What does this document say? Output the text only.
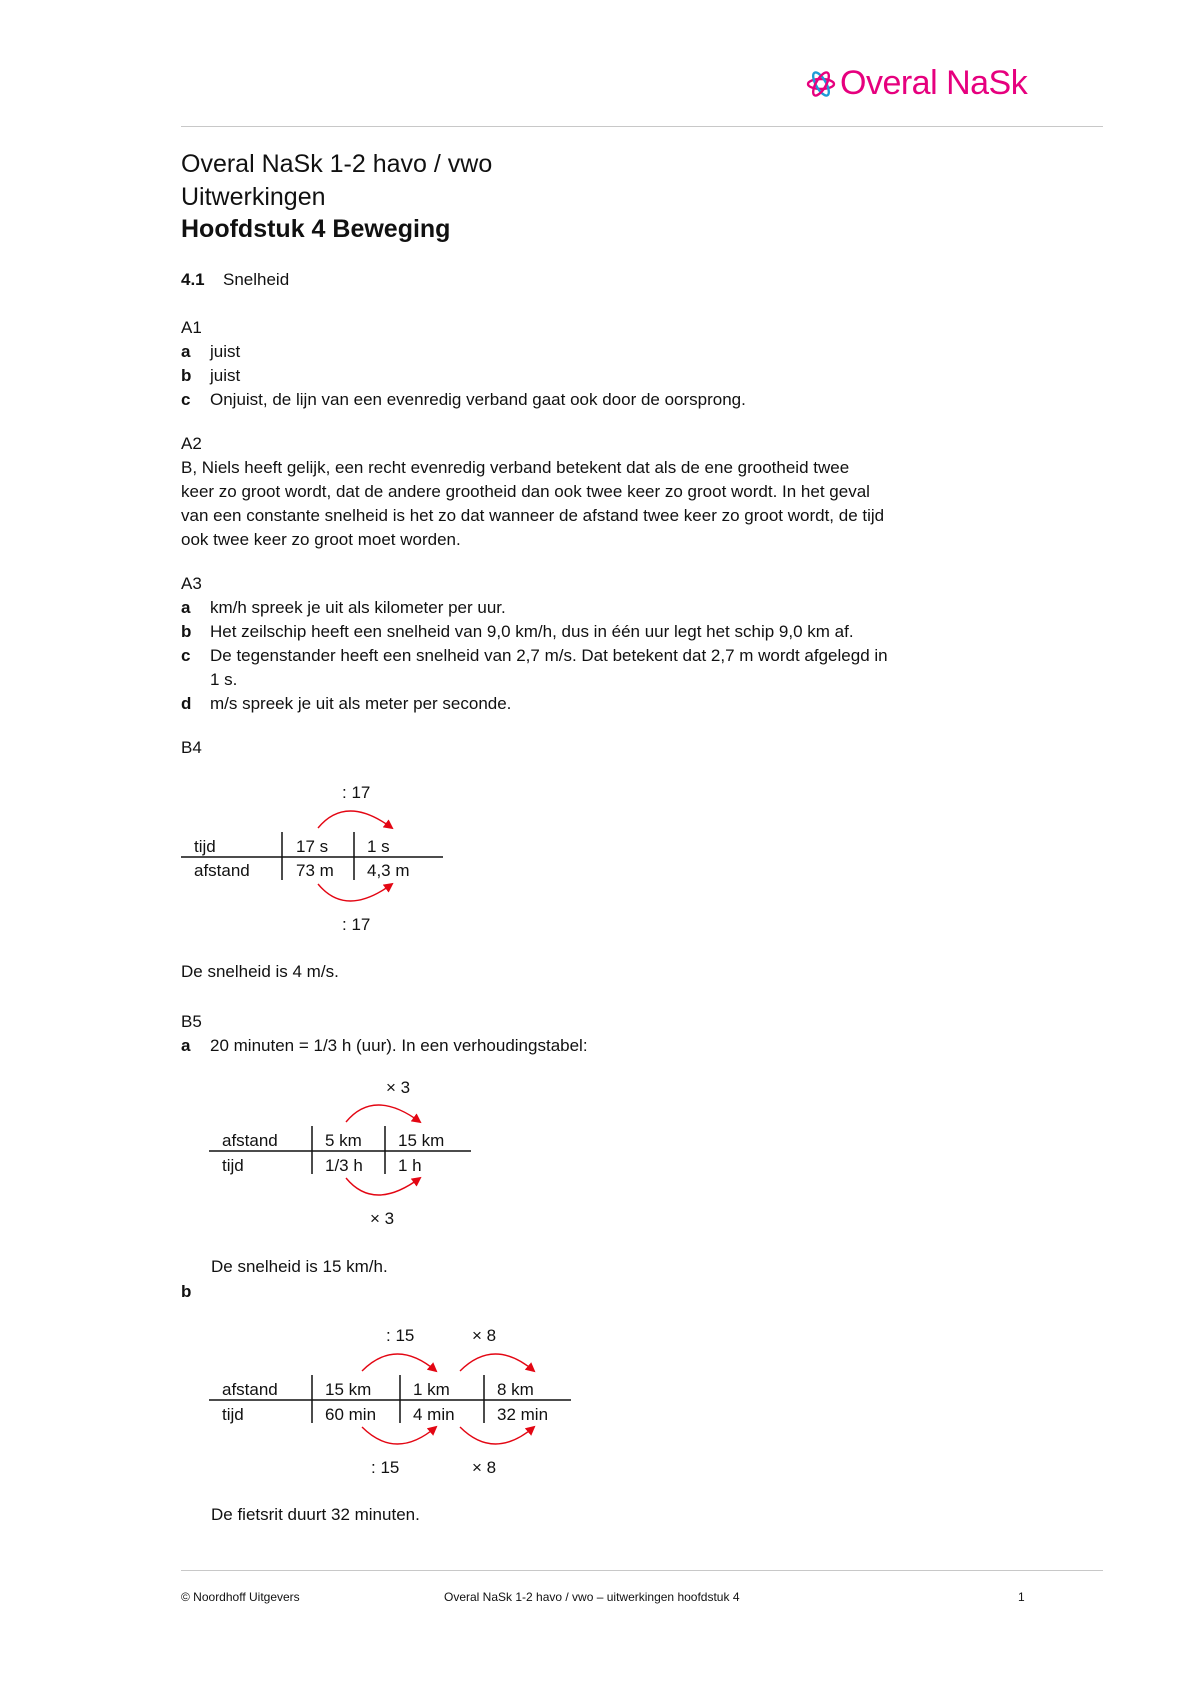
Overal NaSk
Overal NaSk 1-2 havo / vwo
Uitwerkingen
Hoofdstuk 4 Beweging
4.1 Snelheid
A1
a juist
b juist
c Onjuist, de lijn van een evenredig verband gaat ook door de oorsprong.
A2
B, Niels heeft gelijk, een recht evenredig verband betekent dat als de ene grootheid twee
keer zo groot wordt, dat de andere grootheid dan ook twee keer zo groot wordt. In het geval
van een constante snelheid is het zo dat wanneer de afstand twee keer zo groot wordt, de tijd
ook twee keer zo groot moet worden.
A3
a km/h spreek je uit als kilometer per uur.
b Het zeilschip heeft een snelheid van 9,0 km/h, dus in één uur legt het schip 9,0 km af.
c De tegenstander heeft een snelheid van 2,7 m/s. Dat betekent dat 2,7 m wordt afgelegd in
1 s.
d m/s spreek je uit als meter per seconde.
B4
: 17
tijd	17 s 1 s
afstand	73 m 4,3 m
: 17
De snelheid is 4 m/s.
B5
a 20 minuten = 1/3 h (uur). In een verhoudingstabel:
× 3
afstand	5 km 15 km
tijd	1/3 h 1 h
× 3
De snelheid is 15 km/h.
b
: 15	× 8
afstand	15 km 1 km	8 km
tijd	60 min 4 min 32 min
: 15	× 8
De fietsrit duurt 32 minuten.
© Noordhoff Uitgevers	Overal NaSk 1-2 havo / vwo – uitwerkingen hoofdstuk 4	1
